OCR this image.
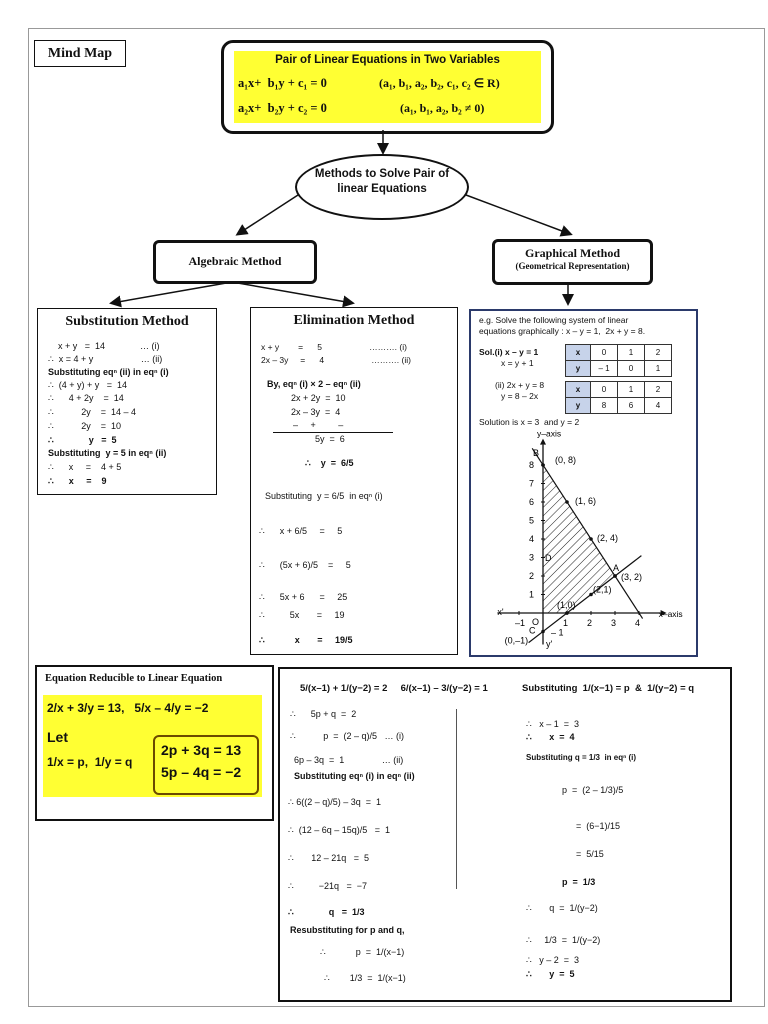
Mind Map	Pair of Linear Equations in Two Variables
a₁x+  b₁y + c₁ = 0	(a₁, b₁, a₂, b₂, c₁, c₂ ∈ R)
a₂x+  b₂y + c₂ = 0	(a₁, b₁, a₂, b₂ ≠ 0)
Methods to Solve Pair of
linear Equations
Algebraic Method
Graphical Method
(Geometrical Representation)
Substitution Method
x + y   =  14              … (i)
∴  x = 4 + y                   … (ii)
Substituting eqⁿ (ii) in eqⁿ (i)
∴  (4 + y) + y   =  14
∴      4 + 2y    =  14
∴           2y    =  14 – 4
∴           2y    =  10
∴              y   =  5
Substituting  y = 5 in eqⁿ (ii)
∴      x     =    4 + 5
∴      x     =    9
Elimination Method
x + y        =      5                    ………. (i)
2x – 3y     =      4                    ………. (ii)
By, eqⁿ (i) × 2 – eqⁿ (ii)
2x + 2y  =  10
2x – 3y  =  4
–     +         –
5y  =  6
∴    y  =  6/5
Substituting  y = 6/5  in eqⁿ (i)
∴      x + 6/5     =     5
∴      (5x + 6)/5    =     5
∴      5x + 6      =     25
∴          5x       =     19
∴            x       =     19/5
e.g. Solve the following system of linear
equations graphically : x – y = 1,  2x + y = 8.
Sol.(i) x – y = 1
x = y + 1
(ii) 2x + y = 8
y = 8 – 2x
x	0	1	2
y	– 1	0	1
x	0	1	2
y	8	6	4
Solution is x = 3  and y = 2
–1	1 2 3 4
1
2
3
4
5
6
7
8
x–axis
y–axis
(0, 8)
(1, 6)
(2, 4)
(3, 2)
(2,1)
(1,0)
(0,–1)
B
A
C
O
D
x'
y'
– 1
Equation Reducible to Linear Equation
2/x + 3/y = 13,   5/x – 4/y = −2
Let
1/x = p,  1/y = q
2p + 3q = 13
5p – 4q = −2
5/(x–1) + 1/(y−2) = 2     6/(x–1) – 3/(y−2) = 1	Substituting  1/(x−1) = p  &  1/(y−2) = q
∴      5p + q  =  2
∴           p  =  (2 – q)/5   … (i)
6p – 3q  =  1               … (ii)
Substituting eqⁿ (i) in eqⁿ (ii)
∴ 6((2 – q)/5) – 3q  =  1
∴  (12 – 6q – 15q)/5   =  1
∴       12 – 21q   =  5
∴          −21q   =  −7
∴              q   =  1/3
Resubstituting for p and q,
∴            p  =  1/(x−1)
∴        1/3  =  1/(x−1)
∴   x – 1  =  3
∴       x  =  4
Substituting q = 1/3  in eqⁿ (i)
p  =  (2 – 1/3)/5
=  (6−1)/15
=  5/15
p  =  1/3
∴       q  =  1/(y−2)
∴     1/3  =  1/(y−2)
∴   y – 2  =  3
∴       y  =  5
